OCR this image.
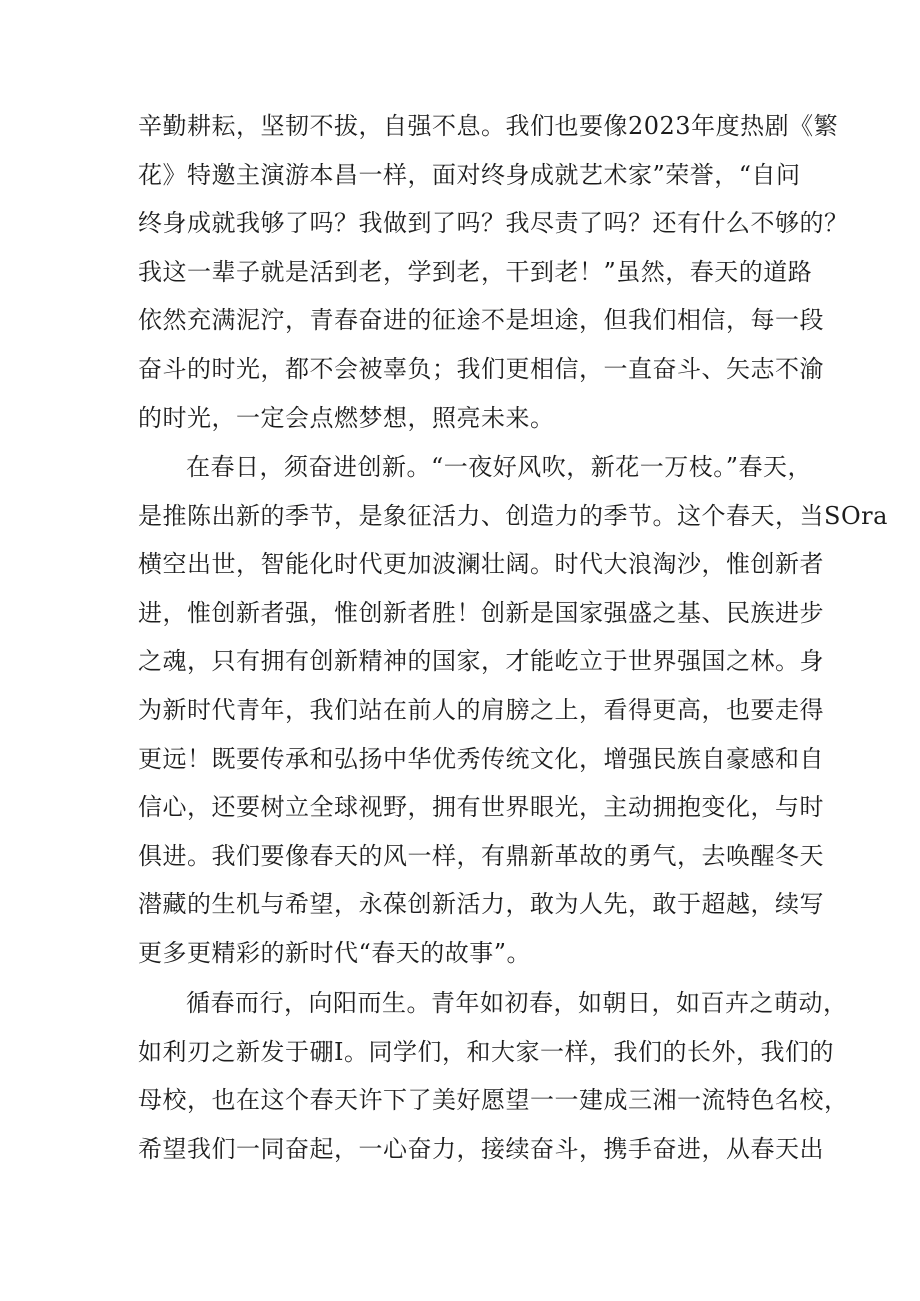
辛勤耕耘，坚韧不拔，自强不息。我们也要像2023年度热剧《繁
花》特邀主演游本昌一样，面对终身成就艺术家”荣誉，“自问
终身成就我够了吗？我做到了吗？我尽责了吗？还有什么不够的？
我这一辈子就是活到老，学到老，干到老！”虽然，春天的道路
依然充满泥泞，青春奋进的征途不是坦途，但我们相信，每一段
奋斗的时光，都不会被辜负；我们更相信，一直奋斗、矢志不渝
的时光，一定会点燃梦想，照亮未来。
在春日，须奋进创新。“一夜好风吹，新花一万枝。”春天，
是推陈出新的季节，是象征活力、创造力的季节。这个春天，当SOra
横空出世，智能化时代更加波澜壮阔。时代大浪淘沙，惟创新者
进，惟创新者强，惟创新者胜！创新是国家强盛之基、民族进步
之魂，只有拥有创新精神的国家，才能屹立于世界强国之林。身
为新时代青年，我们站在前人的肩膀之上，看得更高，也要走得
更远！既要传承和弘扬中华优秀传统文化，增强民族自豪感和自
信心，还要树立全球视野，拥有世界眼光，主动拥抱变化，与时
俱进。我们要像春天的风一样，有鼎新革故的勇气，去唤醒冬天
潜藏的生机与希望，永葆创新活力，敢为人先，敢于超越，续写
更多更精彩的新时代“春天的故事”。
循春而行，向阳而生。青年如初春，如朝日，如百卉之萌动，
如利刃之新发于硼I。同学们，和大家一样，我们的长外，我们的
母校，也在这个春天许下了美好愿望一一建成三湘一流特色名校，
希望我们一同奋起，一心奋力，接续奋斗，携手奋进，从春天出
